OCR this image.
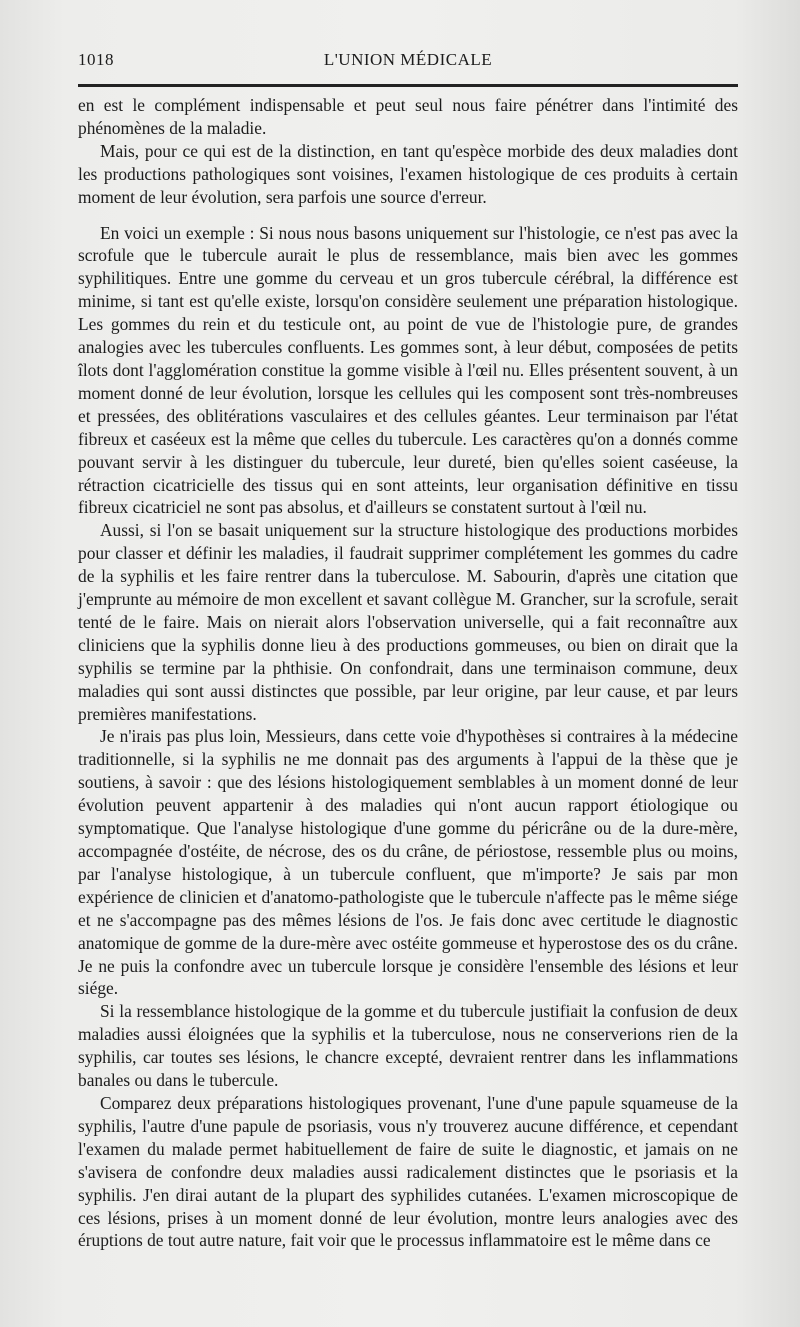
1018	L'UNION MÉDICALE

en est le complément indispensable et peut seul nous faire pénétrer dans l'intimité des phénomènes de la maladie.

Mais, pour ce qui est de la distinction, en tant qu'espèce morbide des deux maladies dont les productions pathologiques sont voisines, l'examen histologique de ces produits à certain moment de leur évolution, sera parfois une source d'erreur.

En voici un exemple : Si nous nous basons uniquement sur l'histologie, ce n'est pas avec la scrofule que le tubercule aurait le plus de ressemblance, mais bien avec les gommes syphilitiques. Entre une gomme du cerveau et un gros tubercule cérébral, la différence est minime, si tant est qu'elle existe, lorsqu'on considère seulement une préparation histologique. Les gommes du rein et du testicule ont, au point de vue de l'histologie pure, de grandes analogies avec les tubercules confluents. Les gommes sont, à leur début, composées de petits îlots dont l'agglomération constitue la gomme visible à l'œil nu. Elles présentent souvent, à un moment donné de leur évolution, lorsque les cellules qui les composent sont très-nombreuses et pressées, des oblitérations vasculaires et des cellules géantes. Leur terminaison par l'état fibreux et caséeux est la même que celles du tubercule. Les caractères qu'on a donnés comme pouvant servir à les distinguer du tubercule, leur dureté, bien qu'elles soient caséeuse, la rétraction cicatricielle des tissus qui en sont atteints, leur organisation définitive en tissu fibreux cicatriciel ne sont pas absolus, et d'ailleurs se constatent surtout à l'œil nu.

Aussi, si l'on se basait uniquement sur la structure histologique des productions morbides pour classer et définir les maladies, il faudrait supprimer complétement les gommes du cadre de la syphilis et les faire rentrer dans la tuberculose. M. Sabourin, d'après une citation que j'emprunte au mémoire de mon excellent et savant collègue M. Grancher, sur la scrofule, serait tenté de le faire. Mais on nierait alors l'observation universelle, qui a fait reconnaître aux cliniciens que la syphilis donne lieu à des productions gommeuses, ou bien on dirait que la syphilis se termine par la phthisie. On confondrait, dans une terminaison commune, deux maladies qui sont aussi distinctes que possible, par leur origine, par leur cause, et par leurs premières manifestations.

Je n'irais pas plus loin, Messieurs, dans cette voie d'hypothèses si contraires à la médecine traditionnelle, si la syphilis ne me donnait pas des arguments à l'appui de la thèse que je soutiens, à savoir : que des lésions histologiquement semblables à un moment donné de leur évolution peuvent appartenir à des maladies qui n'ont aucun rapport étiologique ou symptomatique. Que l'analyse histologique d'une gomme du péricrâne ou de la dure-mère, accompagnée d'ostéite, de nécrose, des os du crâne, de périostose, ressemble plus ou moins, par l'analyse histologique, à un tubercule confluent, que m'importe? Je sais par mon expérience de clinicien et d'anatomo-pathologiste que le tubercule n'affecte pas le même siége et ne s'accompagne pas des mêmes lésions de l'os. Je fais donc avec certitude le diagnostic anatomique de gomme de la dure-mère avec ostéite gommeuse et hyperostose des os du crâne. Je ne puis la confondre avec un tubercule lorsque je considère l'ensemble des lésions et leur siége.

Si la ressemblance histologique de la gomme et du tubercule justifiait la confusion de deux maladies aussi éloignées que la syphilis et la tuberculose, nous ne conserverions rien de la syphilis, car toutes ses lésions, le chancre excepté, devraient rentrer dans les inflammations banales ou dans le tubercule.

Comparez deux préparations histologiques provenant, l'une d'une papule squameuse de la syphilis, l'autre d'une papule de psoriasis, vous n'y trouverez aucune différence, et cependant l'examen du malade permet habituellement de faire de suite le diagnostic, et jamais on ne s'avisera de confondre deux maladies aussi radicalement distinctes que le psoriasis et la syphilis. J'en dirai autant de la plupart des syphilides cutanées. L'examen microscopique de ces lésions, prises à un moment donné de leur évolution, montre leurs analogies avec des éruptions de tout autre nature, fait voir que le processus inflammatoire est le même dans ce
